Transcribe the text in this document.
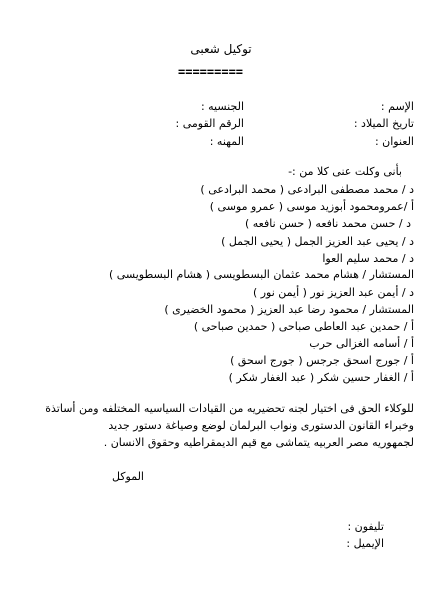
توكيل شعبى
=========
الإسم :
الجنسيه :
تاريخ الميلاد :
الرقم القومى :
العنوان :
المهنه :
بأنى وكلت عنى كلا من :-
د / محمد مصطفى البرادعى ( محمد البرادعى )
أ /عمرومحمود أبوزيد موسى ( عمرو موسى )
د / حسن محمد نافعه ( حسن نافعه )
د / يحيى عبد العزيز الجمل ( يحيى الجمل )
د / محمد سليم العوا
المستشار / هشام محمد عثمان البسطويسى ( هشام البسطويسى )
د / أيمن عبد العزيز نور ( أيمن نور )
المستشار / محمود رضا عبد العزيز ( محمود الخضيرى )
أ / حمدين عبد العاطى صباحى ( حمدين صباحى )
أ / أسامه الغزالى حرب
أ / جورج اسحق جرجس ( جورج اسحق )
أ / الغفار حسين شكر ( عبد الغفار شكر )
للوكلاء الحق فى اختيار لجنه تحضيريه من القيادات السياسيه المختلفه ومن أساتذة
وخبراء القانون الدستورى ونواب البرلمان لوضع وصياغة دستور جديد
لجمهوريه مصر العربيه يتماشى مع قيم الديمقراطيه وحقوق الانسان .
الموكل
تليفون :
الإيميل :
